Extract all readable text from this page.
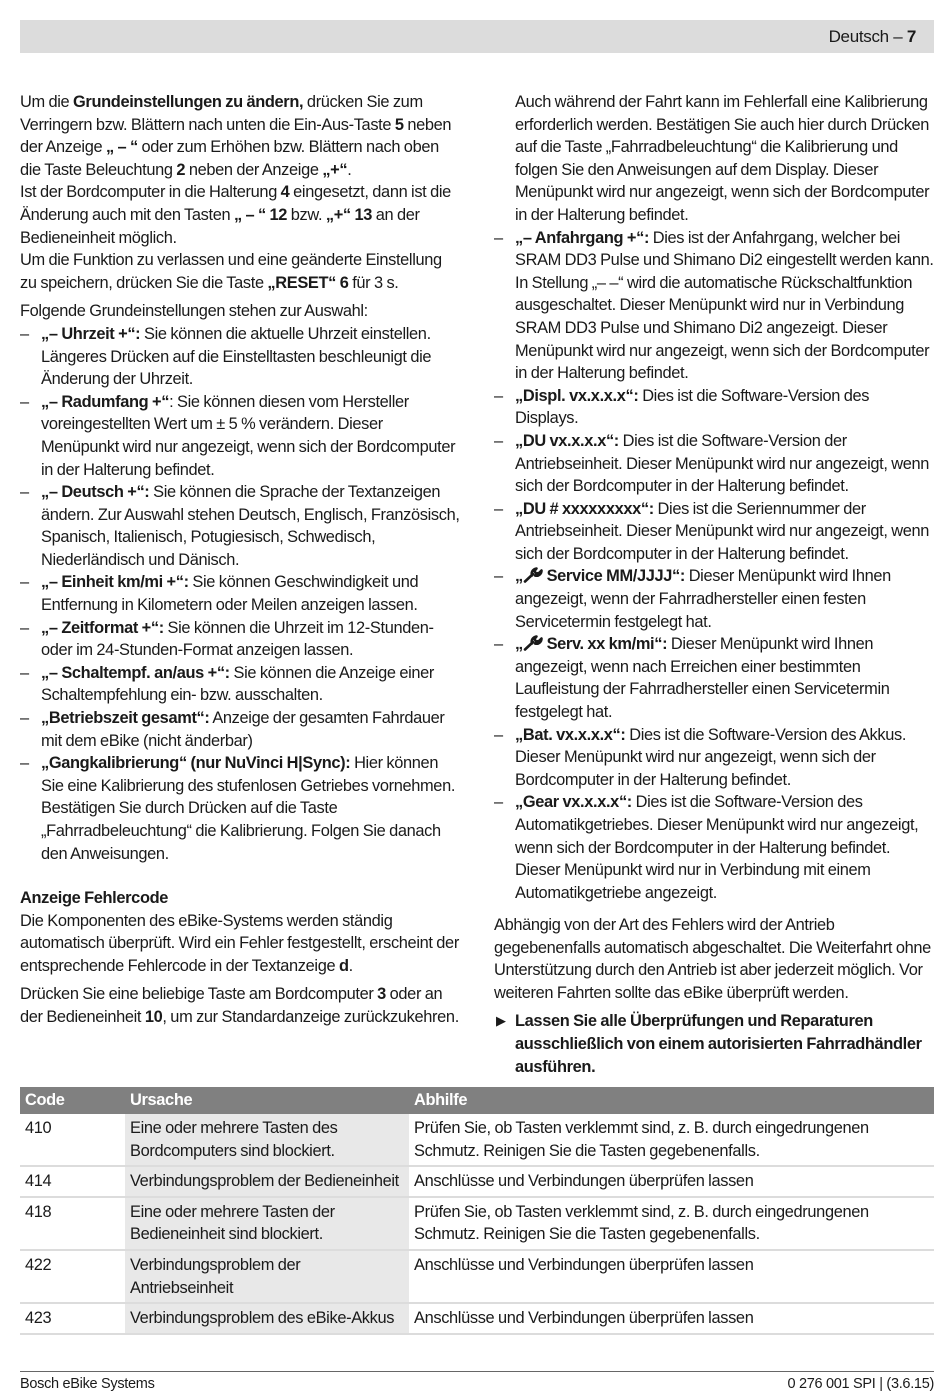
Deutsch – 7

Um die Grundeinstellungen zu ändern, drücken Sie zum Verringern bzw. Blättern nach unten die Ein-Aus-Taste 5 neben der Anzeige „ – “ oder zum Erhöhen bzw. Blättern nach oben die Taste Beleuchtung 2 neben der Anzeige „+“.

Ist der Bordcomputer in die Halterung 4 eingesetzt, dann ist die Änderung auch mit den Tasten „ – “ 12 bzw. „+“ 13 an der Bedieneinheit möglich.

Um die Funktion zu verlassen und eine geänderte Einstellung zu speichern, drücken Sie die Taste „RESET“ 6 für 3 s.

Folgende Grundeinstellungen stehen zur Auswahl:

– „– Uhrzeit +“: Sie können die aktuelle Uhrzeit einstellen. Längeres Drücken auf die Einstelltasten beschleunigt die Änderung der Uhrzeit.
– „– Radumfang +“: Sie können diesen vom Hersteller voreingestellten Wert um ± 5 % verändern. Dieser Menüpunkt wird nur angezeigt, wenn sich der Bordcomputer in der Halterung befindet.
– „– Deutsch +“: Sie können die Sprache der Textanzeigen ändern. Zur Auswahl stehen Deutsch, Englisch, Französisch, Spanisch, Italienisch, Potugiesisch, Schwedisch, Niederländisch und Dänisch.
– „– Einheit km/mi +“: Sie können Geschwindigkeit und Entfernung in Kilometern oder Meilen anzeigen lassen.
– „– Zeitformat +“: Sie können die Uhrzeit im 12-Stunden- oder im 24-Stunden-Format anzeigen lassen.
– „– Schaltempf. an/aus +“: Sie können die Anzeige einer Schaltempfehlung ein- bzw. ausschalten.
– „Betriebszeit gesamt“: Anzeige der gesamten Fahrdauer mit dem eBike (nicht änderbar)
– „Gangkalibrierung“ (nur NuVinci H|Sync): Hier können Sie eine Kalibrierung des stufenlosen Getriebes vornehmen. Bestätigen Sie durch Drücken auf die Taste „Fahrradbeleuchtung“ die Kalibrierung. Folgen Sie danach den Anweisungen.

Auch während der Fahrt kann im Fehlerfall eine Kalibrierung erforderlich werden. Bestätigen Sie auch hier durch Drücken auf die Taste „Fahrradbeleuchtung“ die Kalibrierung und folgen Sie den Anweisungen auf dem Display. Dieser Menüpunkt wird nur angezeigt, wenn sich der Bordcomputer in der Halterung befindet.

– „– Anfahrgang +“: Dies ist der Anfahrgang, welcher bei SRAM DD3 Pulse und Shimano Di2 eingestellt werden kann. In Stellung „– –“ wird die automatische Rückschaltfunktion ausgeschaltet. Dieser Menüpunkt wird nur in Verbindung SRAM DD3 Pulse und Shimano Di2 angezeigt. Dieser Menüpunkt wird nur angezeigt, wenn sich der Bordcomputer in der Halterung befindet.
– „Displ. vx.x.x.x“: Dies ist die Software-Version des Displays.
– „DU vx.x.x.x“: Dies ist die Software-Version der Antriebseinheit. Dieser Menüpunkt wird nur angezeigt, wenn sich der Bordcomputer in der Halterung befindet.
– „DU # xxxxxxxxx“: Dies ist die Seriennummer der Antriebseinheit. Dieser Menüpunkt wird nur angezeigt, wenn sich der Bordcomputer in der Halterung befindet.
– „ Service MM/JJJJ“: Dieser Menüpunkt wird Ihnen angezeigt, wenn der Fahrradhersteller einen festen Servicetermin festgelegt hat.
– „ Serv. xx km/mi“: Dieser Menüpunkt wird Ihnen angezeigt, wenn nach Erreichen einer bestimmten Laufleistung der Fahrradhersteller einen Servicetermin festgelegt hat.
– „Bat. vx.x.x.x“: Dies ist die Software-Version des Akkus. Dieser Menüpunkt wird nur angezeigt, wenn sich der Bordcomputer in der Halterung befindet.
– „Gear vx.x.x.x“: Dies ist die Software-Version des Automatikgetriebes. Dieser Menüpunkt wird nur angezeigt, wenn sich der Bordcomputer in der Halterung befindet. Dieser Menüpunkt wird nur in Verbindung mit einem Automatikgetriebe angezeigt.

Anzeige Fehlercode

Die Komponenten des eBike-Systems werden ständig automatisch überprüft. Wird ein Fehler festgestellt, erscheint der entsprechende Fehlercode in der Textanzeige d.

Drücken Sie eine beliebige Taste am Bordcomputer 3 oder an der Bedieneinheit 10, um zur Standardanzeige zurückzukehren.

Abhängig von der Art des Fehlers wird der Antrieb gegebenenfalls automatisch abgeschaltet. Die Weiterfahrt ohne Unterstützung durch den Antrieb ist aber jederzeit möglich. Vor weiteren Fahrten sollte das eBike überprüft werden.

▶ Lassen Sie alle Überprüfungen und Reparaturen ausschließlich von einem autorisierten Fahrradhändler ausführen.
Code	Ursache	Abhilfe
410	Eine oder mehrere Tasten des Bordcomputers sind blockiert.	Prüfen Sie, ob Tasten verklemmt sind, z. B. durch eingedrungenen Schmutz. Reinigen Sie die Tasten gegebenenfalls.
414	Verbindungsproblem der Bedieneinheit	Anschlüsse und Verbindungen überprüfen lassen
418	Eine oder mehrere Tasten der Bedieneinheit sind blockiert.	Prüfen Sie, ob Tasten verklemmt sind, z. B. durch eingedrungenen Schmutz. Reinigen Sie die Tasten gegebenenfalls.
422	Verbindungsproblem der Antriebseinheit	Anschlüsse und Verbindungen überprüfen lassen
423	Verbindungsproblem des eBike-Akkus	Anschlüsse und Verbindungen überprüfen lassen
Bosch eBike Systems	0 276 001 SPI | (3.6.15)
